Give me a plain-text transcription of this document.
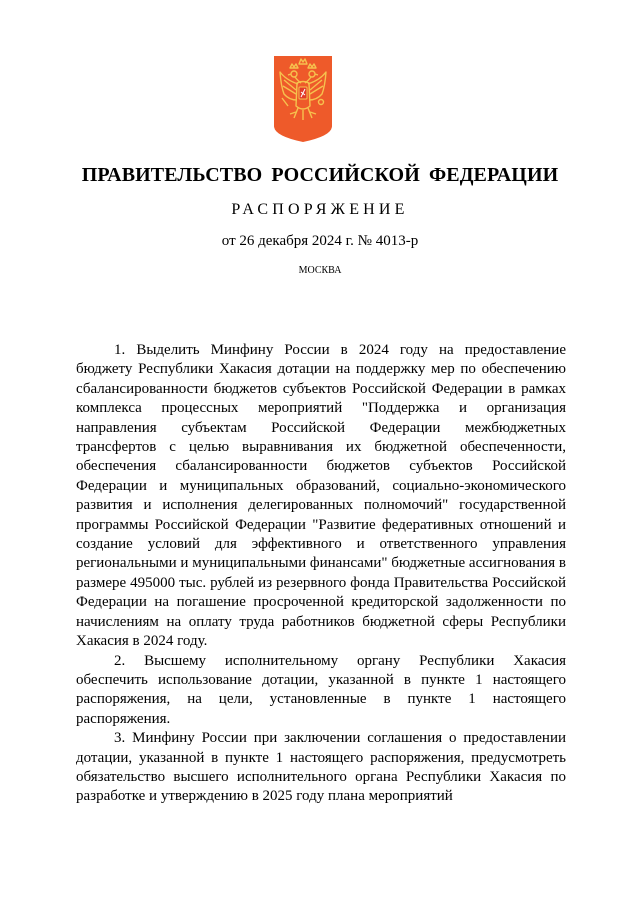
ПРАВИТЕЛЬСТВО РОССИЙСКОЙ ФЕДЕРАЦИИ
РАСПОРЯЖЕНИЕ
от 26 декабря 2024 г. № 4013-р
МОСКВА

1. Выделить Минфину России в 2024 году на предоставление бюджету Республики Хакасия дотации на поддержку мер по обеспечению сбалансированности бюджетов субъектов Российской Федерации в рамках комплекса процессных мероприятий "Поддержка и организация направления субъектам Российской Федерации межбюджетных трансфертов с целью выравнивания их бюджетной обеспеченности, обеспечения сбалансированности бюджетов субъектов Российской Федерации и муниципальных образований, социально-экономического развития и исполнения делегированных полномочий" государственной программы Российской Федерации "Развитие федеративных отношений и создание условий для эффективного и ответственного управления региональными и муниципальными финансами" бюджетные ассигнования в размере 495000 тыс. рублей из резервного фонда Правительства Российской Федерации на погашение просроченной кредиторской задолженности по начислениям на оплату труда работников бюджетной сферы Республики Хакасия в 2024 году.

2. Высшему исполнительному органу Республики Хакасия обеспечить использование дотации, указанной в пункте 1 настоящего распоряжения, на цели, установленные в пункте 1 настоящего распоряжения.

3. Минфину России при заключении соглашения о предоставлении дотации, указанной в пункте 1 настоящего распоряжения, предусмотреть обязательство высшего исполнительного органа Республики Хакасия по разработке и утверждению в 2025 году плана мероприятий
